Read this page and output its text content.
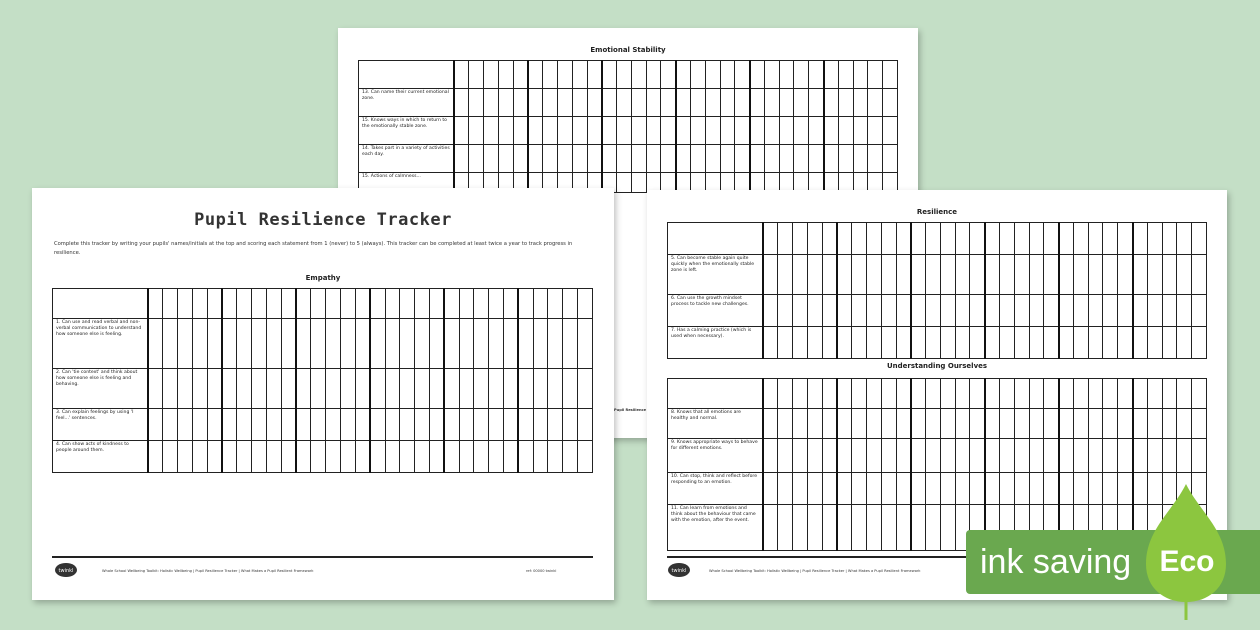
Emotional Stability

13. Can name their current emotional zone.																														
15. Knows ways in which to return to the emotionally stable zone.																														
14. Takes part in a variety of activities each day.																														
15. Actions of calmness...																														
Pupil Resilience
Pupil Resilience Tracker
Complete this tracker by writing your pupils' names/initials at the top and scoring each statement from 1 (never) to 5 (always). This tracker can be completed at least twice a year to track progress in resilience.
Empathy

1. Can use and read verbal and non-verbal communication to understand how someone else is feeling.																														
2. Can 'tie context' and think about how someone else is feeling and behaving.																														
3. Can explain feelings by using 'I feel...' sentences.																														
4. Can show acts of kindness to people around them.																														
twinkl	Whole School Wellbeing Toolkit: Holistic Wellbeing | Pupil Resilience Tracker | What Makes a Pupil Resilient Framework	ref: 00000 twinkl
Resilience

5. Can become stable again quite quickly when the emotionally stable zone is left.																														
6. Can use the growth mindset process to tackle new challenges.																														
7. Has a calming practice (which is used when necessary).																														
Understanding Ourselves

8. Knows that all emotions are healthy and normal.																														
9. Knows appropriate ways to behave for different emotions.																														
10. Can stop, think and reflect before responding to an emotion.																														
11. Can learn from emotions and think about the behaviour that came with the emotion, after the event.																														
twinkl	Whole School Wellbeing Toolkit: Holistic Wellbeing | Pupil Resilience Tracker | What Makes a Pupil Resilient Framework ink saving Eco
